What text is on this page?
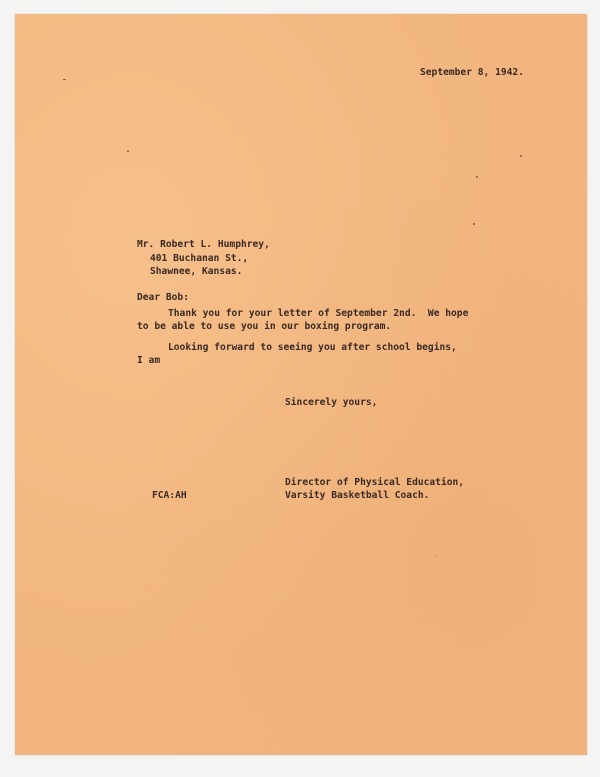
September 8, 1942.

Mr. Robert L. Humphrey,

401 Buchanan St.,

Shawnee, Kansas.

Dear Bob:

Thank you for your letter of September 2nd.  We hope

to be able to use you in our boxing program.

Looking forward to seeing you after school begins,

I am

Sincerely yours,

Director of Physical Education,

Varsity Basketball Coach.

FCA:AH
